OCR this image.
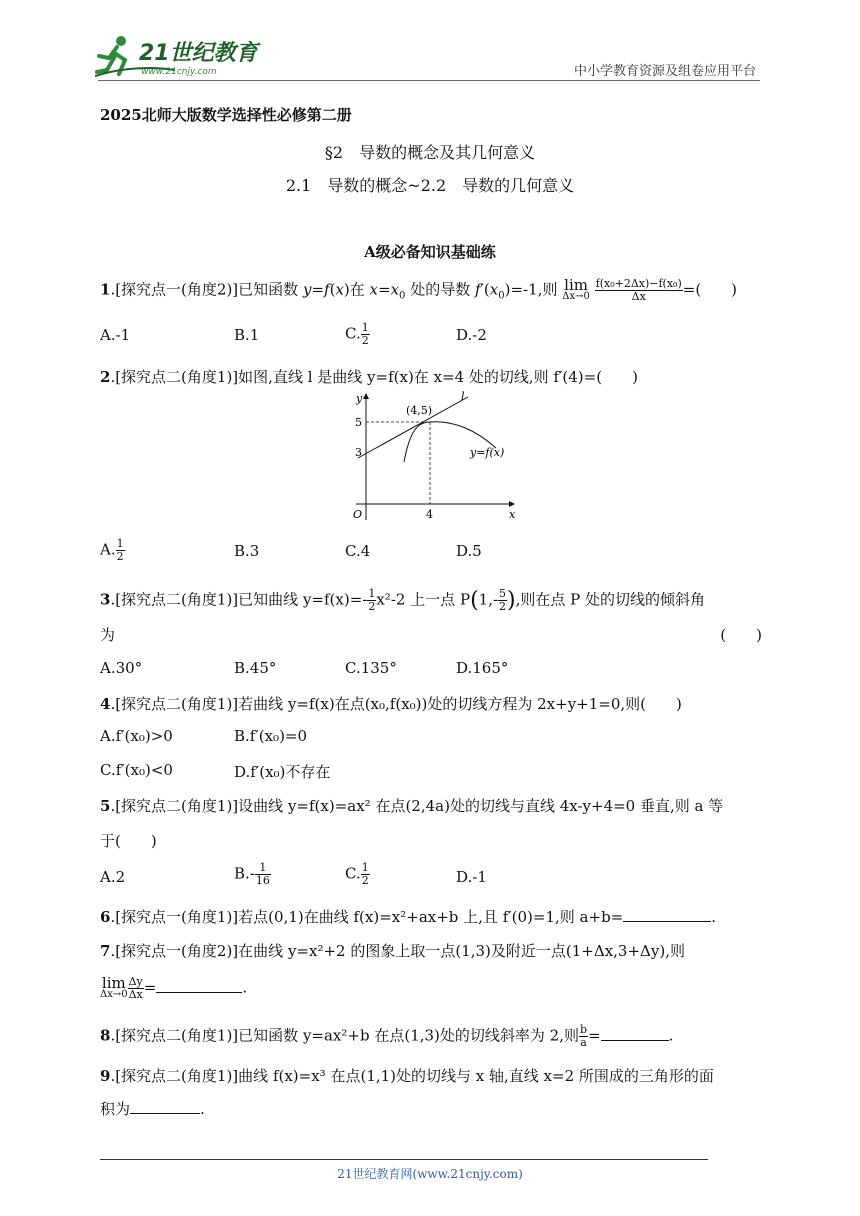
21世纪教育
www.21cnjy.com	中小学教育资源及组卷应用平台
2025北师大版数学选择性必修第二册
§2　导数的概念及其几何意义
2.1　导数的概念~2.2　导数的几何意义
A级必备知识基础练
1.[探究点一(角度2)]已知函数 y=f(x)在 $x=x_0$ 处的导数 $f'(x_0)=-1$,则 lim
Δx→0
$\frac{\text{f(x₀+2Δx)−f(x₀)}}{\Delta x}$ =(　　)
A.-1	B.1	C. $\frac{1}{2}$	D.-2
2.[探究点二(角度1)]如图,直线 l 是曲线 y=f(x)在 x=4 处的切线,则 f′(4)=(　　)
y
x
O
5
3
4
(4,5)
l
y=f(x)
A. $\frac{1}{2}$	B.3	C.4	D.5
3.[探究点二(角度1)]已知曲线 $y=f(x)=- \frac{1}{2} x^2-2$ 上一点 $P(1,- \frac{5}{2}$ ),则在点 P 处的切线的倾斜角
为	(　　)
A.30°	B.45°	C.135°	D.165°
4.[探究点二(角度1)]若曲线 y=f(x)在点(x₀,f(x₀))处的切线方程为 2x+y+1=0,则(　　)
A.f′(x₀)>0	B.f′(x₀)=0
C.f′(x₀)<0	D.f′(x₀)不存在
5.[探究点二(角度1)]设曲线 y=f(x)=ax² 在点(2,4a)处的切线与直线 4x-y+4=0 垂直,则 a 等
于(　　)
A.2	$B.- \frac{1}{16}$	C. $\frac{1}{2}$	D.-1
6.[探究点一(角度1)]若点(0,1)在曲线 f(x)=x²+ax+b 上,且 f′(0)=1,则 a+b=	.
7.[探究点一(角度2)]在曲线 y=x²+2 的图象上取一点(1,3)及附近一点(1+Δx,3+Δy),则
lim
$\Delta x\to 0 \frac{\Delta y}{\Delta x}$ =	.
8.[探究点二(角度1)]已知函数 y=ax²+b 在点(1,3)处的切线斜率为 2,则 $\frac{b}{a}$ =	.
9.[探究点二(角度1)]曲线 f(x)=x³ 在点(1,1)处的切线与 x 轴,直线 x=2 所围成的三角形的面
积为	.
21世纪教育网(www.21cnjy.com)
